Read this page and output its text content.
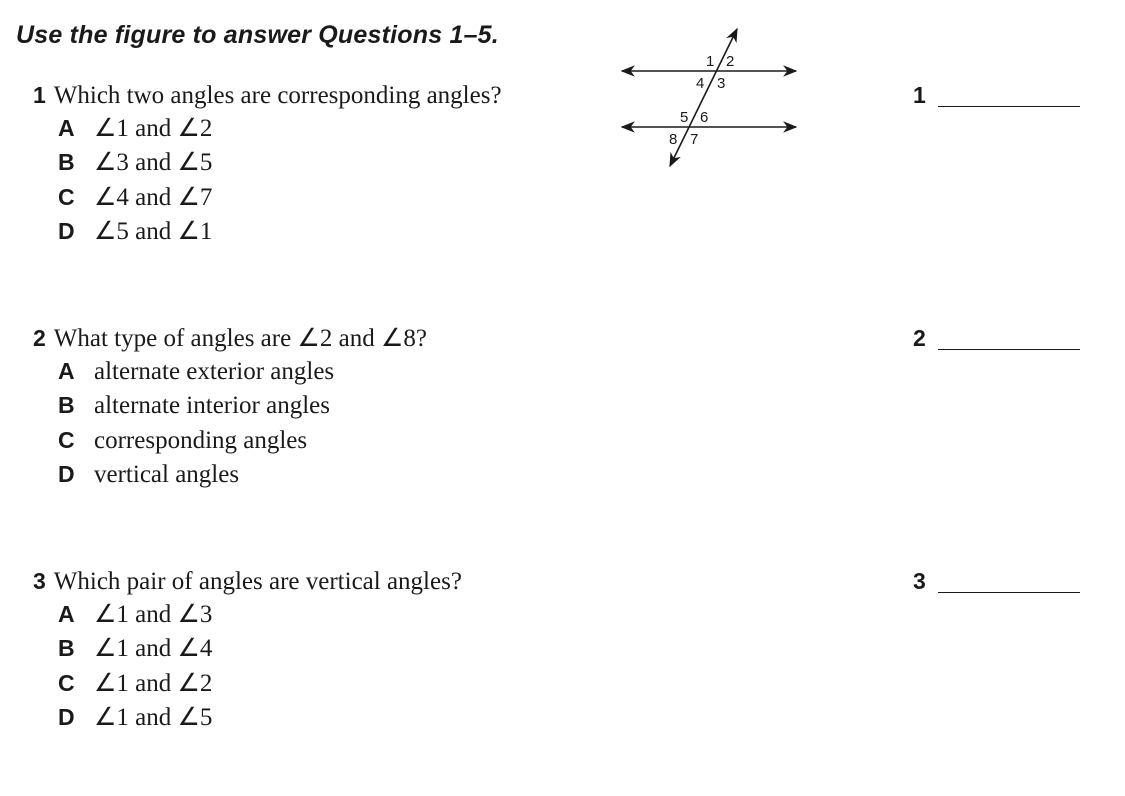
Use the figure to answer Questions 1–5.
1 2
4 3
5 6
8 7
1 Which two angles are corresponding angles?	1
A ∠1 and ∠2
B ∠3 and ∠5
C ∠4 and ∠7
D ∠5 and ∠1
2 What type of angles are ∠2 and ∠8?	2
A alternate exterior angles
B alternate interior angles
C corresponding angles
D vertical angles
3 Which pair of angles are vertical angles?	3
A ∠1 and ∠3
B ∠1 and ∠4
C ∠1 and ∠2
D ∠1 and ∠5
